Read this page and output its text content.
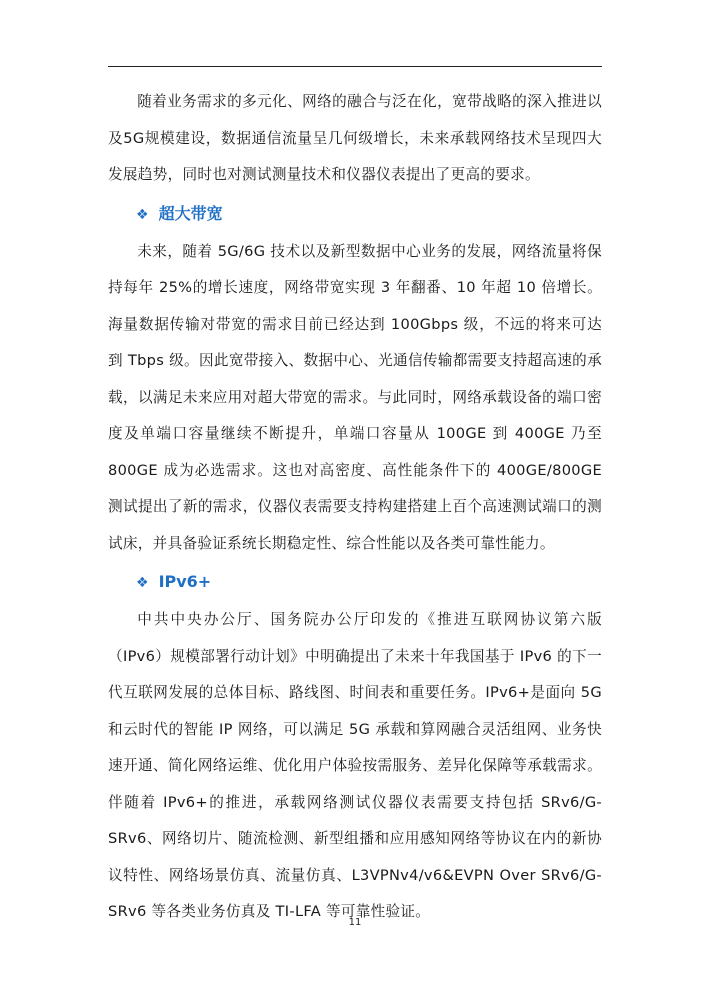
随着业务需求的多元化、网络的融合与泛在化，宽带战略的深入推进以及5G规模建设，数据通信流量呈几何级增长，未来承载网络技术呈现四大发展趋势，同时也对测试测量技术和仪器仪表提出了更高的要求。

❖ 超大带宽

未来，随着 5G/6G 技术以及新型数据中心业务的发展，网络流量将保持每年 25%的增长速度，网络带宽实现 3 年翻番、10 年超 10 倍增长。海量数据传输对带宽的需求目前已经达到 100Gbps 级，不远的将来可达到 Tbps 级。因此宽带接入、数据中心、光通信传输都需要支持超高速的承载，以满足未来应用对超大带宽的需求。与此同时，网络承载设备的端口密度及单端口容量继续不断提升，单端口容量从 100GE 到 400GE 乃至 800GE 成为必选需求。这也对高密度、高性能条件下的 400GE/800GE 测试提出了新的需求，仪器仪表需要支持构建搭建上百个高速测试端口的测试床，并具备验证系统长期稳定性、综合性能以及各类可靠性能力。

❖ IPv6+

中共中央办公厅、国务院办公厅印发的《推进互联网协议第六版（IPv6）规模部署行动计划》中明确提出了未来十年我国基于 IPv6 的下一代互联网发展的总体目标、路线图、时间表和重要任务。IPv6+是面向 5G 和云时代的智能 IP 网络，可以满足 5G 承载和算网融合灵活组网、业务快速开通、简化网络运维、优化用户体验按需服务、差异化保障等承载需求。伴随着 IPv6+的推进，承载网络测试仪器仪表需要支持包括 SRv6/G-SRv6、网络切片、随流检测、新型组播和应用感知网络等协议在内的新协议特性、网络场景仿真、流量仿真、L3VPNv4/v6&EVPN Over SRv6/G-SRv6 等各类业务仿真及 TI-LFA 等可靠性验证。

11
